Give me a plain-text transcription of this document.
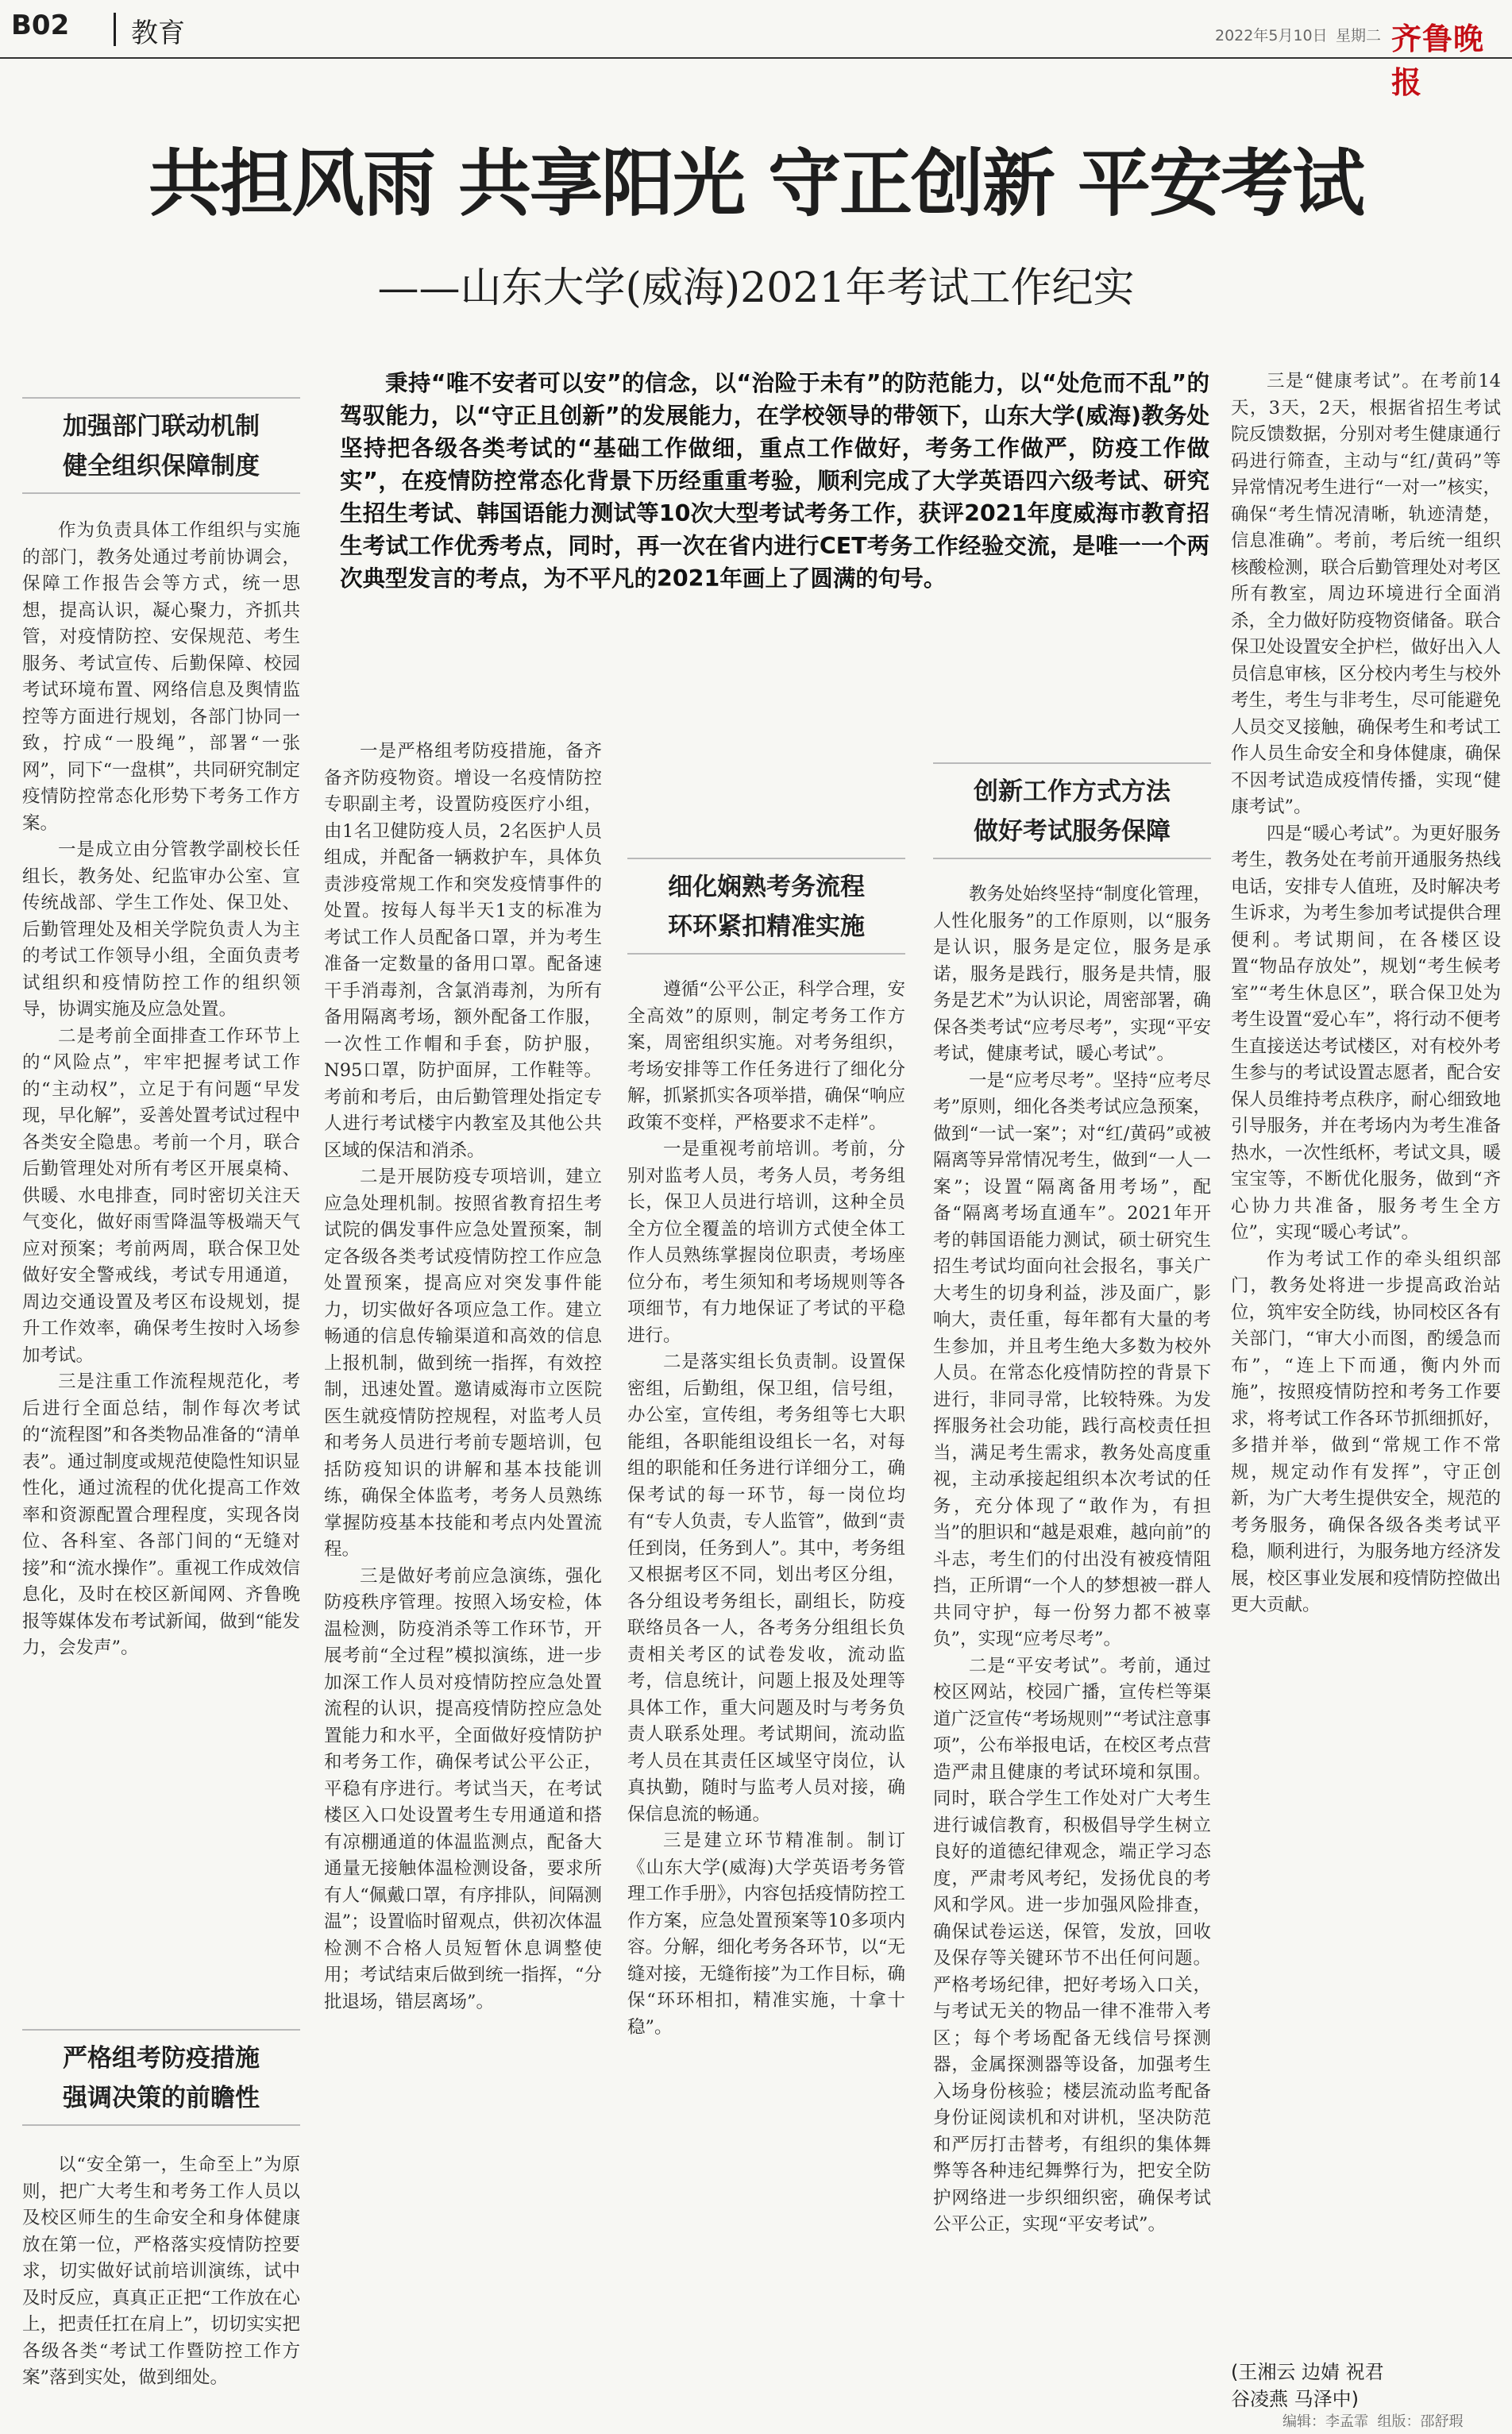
B02 教育	2022年5月10日 星期二 齐鲁晚报
共担风雨 共享阳光 守正创新 平安考试
——山东大学(威海)2021年考试工作纪实

秉持“唯不安者可以安”的信念，以“治险于未有”的防范能力，以“处危而不乱”的驾驭能力，以“守正且创新”的发展能力，在学校领导的带领下，山东大学(威海)教务处坚持把各级各类考试的“基础工作做细，重点工作做好，考务工作做严，防疫工作做实”，在疫情防控常态化背景下历经重重考验，顺利完成了大学英语四六级考试、研究生招生考试、韩国语能力测试等10次大型考试考务工作，获评2021年度威海市教育招生考试工作优秀考点，同时，再一次在省内进行CET考务工作经验交流，是唯一一个两次典型发言的考点，为不平凡的2021年画上了圆满的句号。

加强部门联动机制
健全组织保障制度

作为负责具体工作组织与实施的部门，教务处通过考前协调会，保障工作报告会等方式，统一思想，提高认识，凝心聚力，齐抓共管，对疫情防控、安保规范、考生服务、考试宣传、后勤保障、校园考试环境布置、网络信息及舆情监控等方面进行规划，各部门协同一致，拧成“一股绳”，部署“一张网”，同下“一盘棋”，共同研究制定疫情防控常态化形势下考务工作方案。

一是成立由分管教学副校长任组长，教务处、纪监审办公室、宣传统战部、学生工作处、保卫处、后勤管理处及相关学院负责人为主的考试工作领导小组，全面负责考试组织和疫情防控工作的组织领导，协调实施及应急处置。

二是考前全面排查工作环节上的“风险点”，牢牢把握考试工作的“主动权”，立足于有问题“早发现，早化解”，妥善处置考试过程中各类安全隐患。考前一个月，联合后勤管理处对所有考区开展桌椅、供暖、水电排查，同时密切关注天气变化，做好雨雪降温等极端天气应对预案；考前两周，联合保卫处做好安全警戒线，考试专用通道，周边交通设置及考区布设规划，提升工作效率，确保考生按时入场参加考试。

三是注重工作流程规范化，考后进行全面总结，制作每次考试的“流程图”和各类物品准备的“清单表”。通过制度或规范使隐性知识显性化，通过流程的优化提高工作效率和资源配置合理程度，实现各岗位、各科室、各部门间的“无缝对接”和“流水操作”。重视工作成效信息化，及时在校区新闻网、齐鲁晚报等媒体发布考试新闻，做到“能发力，会发声”。

严格组考防疫措施
强调决策的前瞻性

以“安全第一，生命至上”为原则，把广大考生和考务工作人员以及校区师生的生命安全和身体健康放在第一位，严格落实疫情防控要求，切实做好试前培训演练，试中及时反应，真真正正把“工作放在心上，把责任扛在肩上”，切切实实把各级各类“考试工作暨防控工作方案”落到实处，做到细处。

一是严格组考防疫措施，备齐备齐防疫物资。增设一名疫情防控专职副主考，设置防疫医疗小组，由1名卫健防疫人员，2名医护人员组成，并配备一辆救护车，具体负责涉疫常规工作和突发疫情事件的处置。按每人每半天1支的标准为考试工作人员配备口罩，并为考生准备一定数量的备用口罩。配备速干手消毒剂，含氯消毒剂，为所有备用隔离考场，额外配备工作服，一次性工作帽和手套，防护服，N95口罩，防护面屏，工作鞋等。考前和考后，由后勤管理处指定专人进行考试楼宇内教室及其他公共区域的保洁和消杀。

二是开展防疫专项培训，建立应急处理机制。按照省教育招生考试院的偶发事件应急处置预案，制定各级各类考试疫情防控工作应急处置预案，提高应对突发事件能力，切实做好各项应急工作。建立畅通的信息传输渠道和高效的信息上报机制，做到统一指挥，有效控制，迅速处置。邀请威海市立医院医生就疫情防控规程，对监考人员和考务人员进行考前专题培训，包括防疫知识的讲解和基本技能训练，确保全体监考，考务人员熟练掌握防疫基本技能和考点内处置流程。

三是做好考前应急演练，强化防疫秩序管理。按照入场安检，体温检测，防疫消杀等工作环节，开展考前“全过程”模拟演练，进一步加深工作人员对疫情防控应急处置流程的认识，提高疫情防控应急处置能力和水平，全面做好疫情防护和考务工作，确保考试公平公正，平稳有序进行。考试当天，在考试楼区入口处设置考生专用通道和搭有凉棚通道的体温监测点，配备大通量无接触体温检测设备，要求所有人“佩戴口罩，有序排队，间隔测温”；设置临时留观点，供初次体温检测不合格人员短暂休息调整使用；考试结束后做到统一指挥，“分批退场，错层离场”。

细化娴熟考务流程
环环紧扣精准实施

遵循“公平公正，科学合理，安全高效”的原则，制定考务工作方案，周密组织实施。对考务组织，考场安排等工作任务进行了细化分解，抓紧抓实各项举措，确保“响应政策不变样，严格要求不走样”。

一是重视考前培训。考前，分别对监考人员，考务人员，考务组长，保卫人员进行培训，这种全员全方位全覆盖的培训方式使全体工作人员熟练掌握岗位职责，考场座位分布，考生须知和考场规则等各项细节，有力地保证了考试的平稳进行。

二是落实组长负责制。设置保密组，后勤组，保卫组，信号组，办公室，宣传组，考务组等七大职能组，各职能组设组长一名，对每组的职能和任务进行详细分工，确保考试的每一环节，每一岗位均有“专人负责，专人监管”，做到“责任到岗，任务到人”。其中，考务组又根据考区不同，划出考区分组，各分组设考务组长，副组长，防疫联络员各一人，各考务分组组长负责相关考区的试卷发收，流动监考，信息统计，问题上报及处理等具体工作，重大问题及时与考务负责人联系处理。考试期间，流动监考人员在其责任区域坚守岗位，认真执勤，随时与监考人员对接，确保信息流的畅通。

三是建立环节精准制。制订《山东大学(威海)大学英语考务管理工作手册》，内容包括疫情防控工作方案，应急处置预案等10多项内容。分解，细化考务各环节，以“无缝对接，无缝衔接”为工作目标，确保“环环相扣，精准实施，十拿十稳”。

创新工作方式方法
做好考试服务保障

教务处始终坚持“制度化管理，人性化服务”的工作原则，以“服务是认识，服务是定位，服务是承诺，服务是践行，服务是共情，服务是艺术”为认识论，周密部署，确保各类考试“应考尽考”，实现“平安考试，健康考试，暖心考试”。

一是“应考尽考”。坚持“应考尽考”原则，细化各类考试应急预案，做到“一试一案”；对“红/黄码”或被隔离等异常情况考生，做到“一人一案”；设置“隔离备用考场”，配备“隔离考场直通车”。2021年开考的韩国语能力测试，硕士研究生招生考试均面向社会报名，事关广大考生的切身利益，涉及面广，影响大，责任重，每年都有大量的考生参加，并且考生绝大多数为校外人员。在常态化疫情防控的背景下进行，非同寻常，比较特殊。为发挥服务社会功能，践行高校责任担当，满足考生需求，教务处高度重视，主动承接起组织本次考试的任务，充分体现了“敢作为，有担当”的胆识和“越是艰难，越向前”的斗志，考生们的付出没有被疫情阻挡，正所谓“一个人的梦想被一群人共同守护，每一份努力都不被辜负”，实现“应考尽考”。

二是“平安考试”。考前，通过校区网站，校园广播，宣传栏等渠道广泛宣传“考场规则”“考试注意事项”，公布举报电话，在校区考点营造严肃且健康的考试环境和氛围。同时，联合学生工作处对广大考生进行诚信教育，积极倡导学生树立良好的道德纪律观念，端正学习态度，严肃考风考纪，发扬优良的考风和学风。进一步加强风险排查，确保试卷运送，保管，发放，回收及保存等关键环节不出任何问题。严格考场纪律，把好考场入口关，与考试无关的物品一律不准带入考区；每个考场配备无线信号探测器，金属探测器等设备，加强考生入场身份核验；楼层流动监考配备身份证阅读机和对讲机，坚决防范和严厉打击替考，有组织的集体舞弊等各种违纪舞弊行为，把安全防护网络进一步织细织密，确保考试公平公正，实现“平安考试”。

三是“健康考试”。在考前14天，3天，2天，根据省招生考试院反馈数据，分别对考生健康通行码进行筛查，主动与“红/黄码”等异常情况考生进行“一对一”核实，确保“考生情况清晰，轨迹清楚，信息准确”。考前，考后统一组织核酸检测，联合后勤管理处对考区所有教室，周边环境进行全面消杀，全力做好防疫物资储备。联合保卫处设置安全护栏，做好出入人员信息审核，区分校内考生与校外考生，考生与非考生，尽可能避免人员交叉接触，确保考生和考试工作人员生命安全和身体健康，确保不因考试造成疫情传播，实现“健康考试”。

四是“暖心考试”。为更好服务考生，教务处在考前开通服务热线电话，安排专人值班，及时解决考生诉求，为考生参加考试提供合理便利。考试期间，在各楼区设置“物品存放处”，规划“考生候考室”“考生休息区”，联合保卫处为考生设置“爱心车”，将行动不便考生直接送达考试楼区，对有校外考生参与的考试设置志愿者，配合安保人员维持考点秩序，耐心细致地引导服务，并在考场内为考生准备热水，一次性纸杯，考试文具，暖宝宝等，不断优化服务，做到“齐心协力共准备，服务考生全方位”，实现“暖心考试”。

作为考试工作的牵头组织部门，教务处将进一步提高政治站位，筑牢安全防线，协同校区各有关部门，“审大小而图，酌缓急而布”，“连上下而通，衡内外而施”，按照疫情防控和考务工作要求，将考试工作各环节抓细抓好，多措并举，做到“常规工作不常规，规定动作有发挥”，守正创新，为广大考生提供安全，规范的考务服务，确保各级各类考试平稳，顺利进行，为服务地方经济发展，校区事业发展和疫情防控做出更大贡献。

(王湘云 边婧 祝君
谷凌燕 马泽中)
编辑：李孟霏 组版：邵舒瑕
